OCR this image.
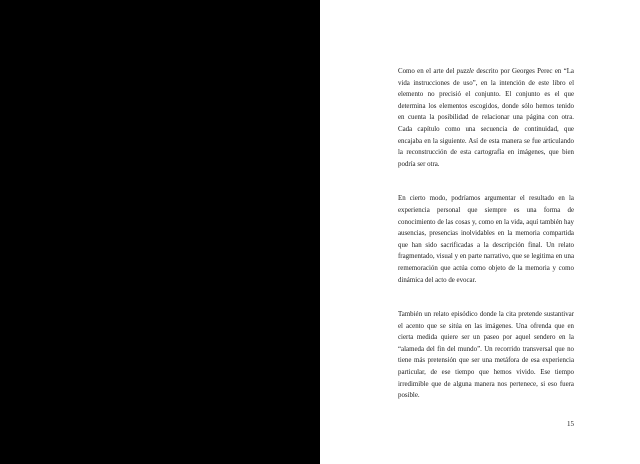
Como en el arte del puzzle descrito por Georges Perec en “La vida instrucciones de uso”, en la intención de este libro el elemento no precisió el conjunto. El conjunto es el que determina los elementos escogidos, donde sólo hemos tenido en cuenta la posibilidad de relacionar una página con otra. Cada capítulo como una secuencia de continuidad, que encajaba en la siguiente. Así de esta manera se fue articulando la reconstrucción de esta cartografía en imágenes, que bien podría ser otra.

En cierto modo, podríamos argumentar el resultado en la experiencia personal que siempre es una forma de conocimiento de las cosas y, como en la vida, aquí también hay ausencias, presencias inolvidables en la memoria compartida que han sido sacrificadas a la descripción final. Un relato fragmentado, visual y en parte narrativo, que se legitima en una rememoración que actúa como objeto de la memoria y como dinámica del acto de evocar.

También un relato episódico donde la cita pretende sustantivar el acento que se sitúa en las imágenes. Una ofrenda que en cierta medida quiere ser un paseo por aquel sendero en la “alameda del fin del mundo”. Un recorrido transversal que no tiene más pretensión que ser una metáfora de esa experiencia particular, de ese tiempo que hemos vivido. Ese tiempo irredimible que de alguna manera nos pertenece, si eso fuera posible.

15
